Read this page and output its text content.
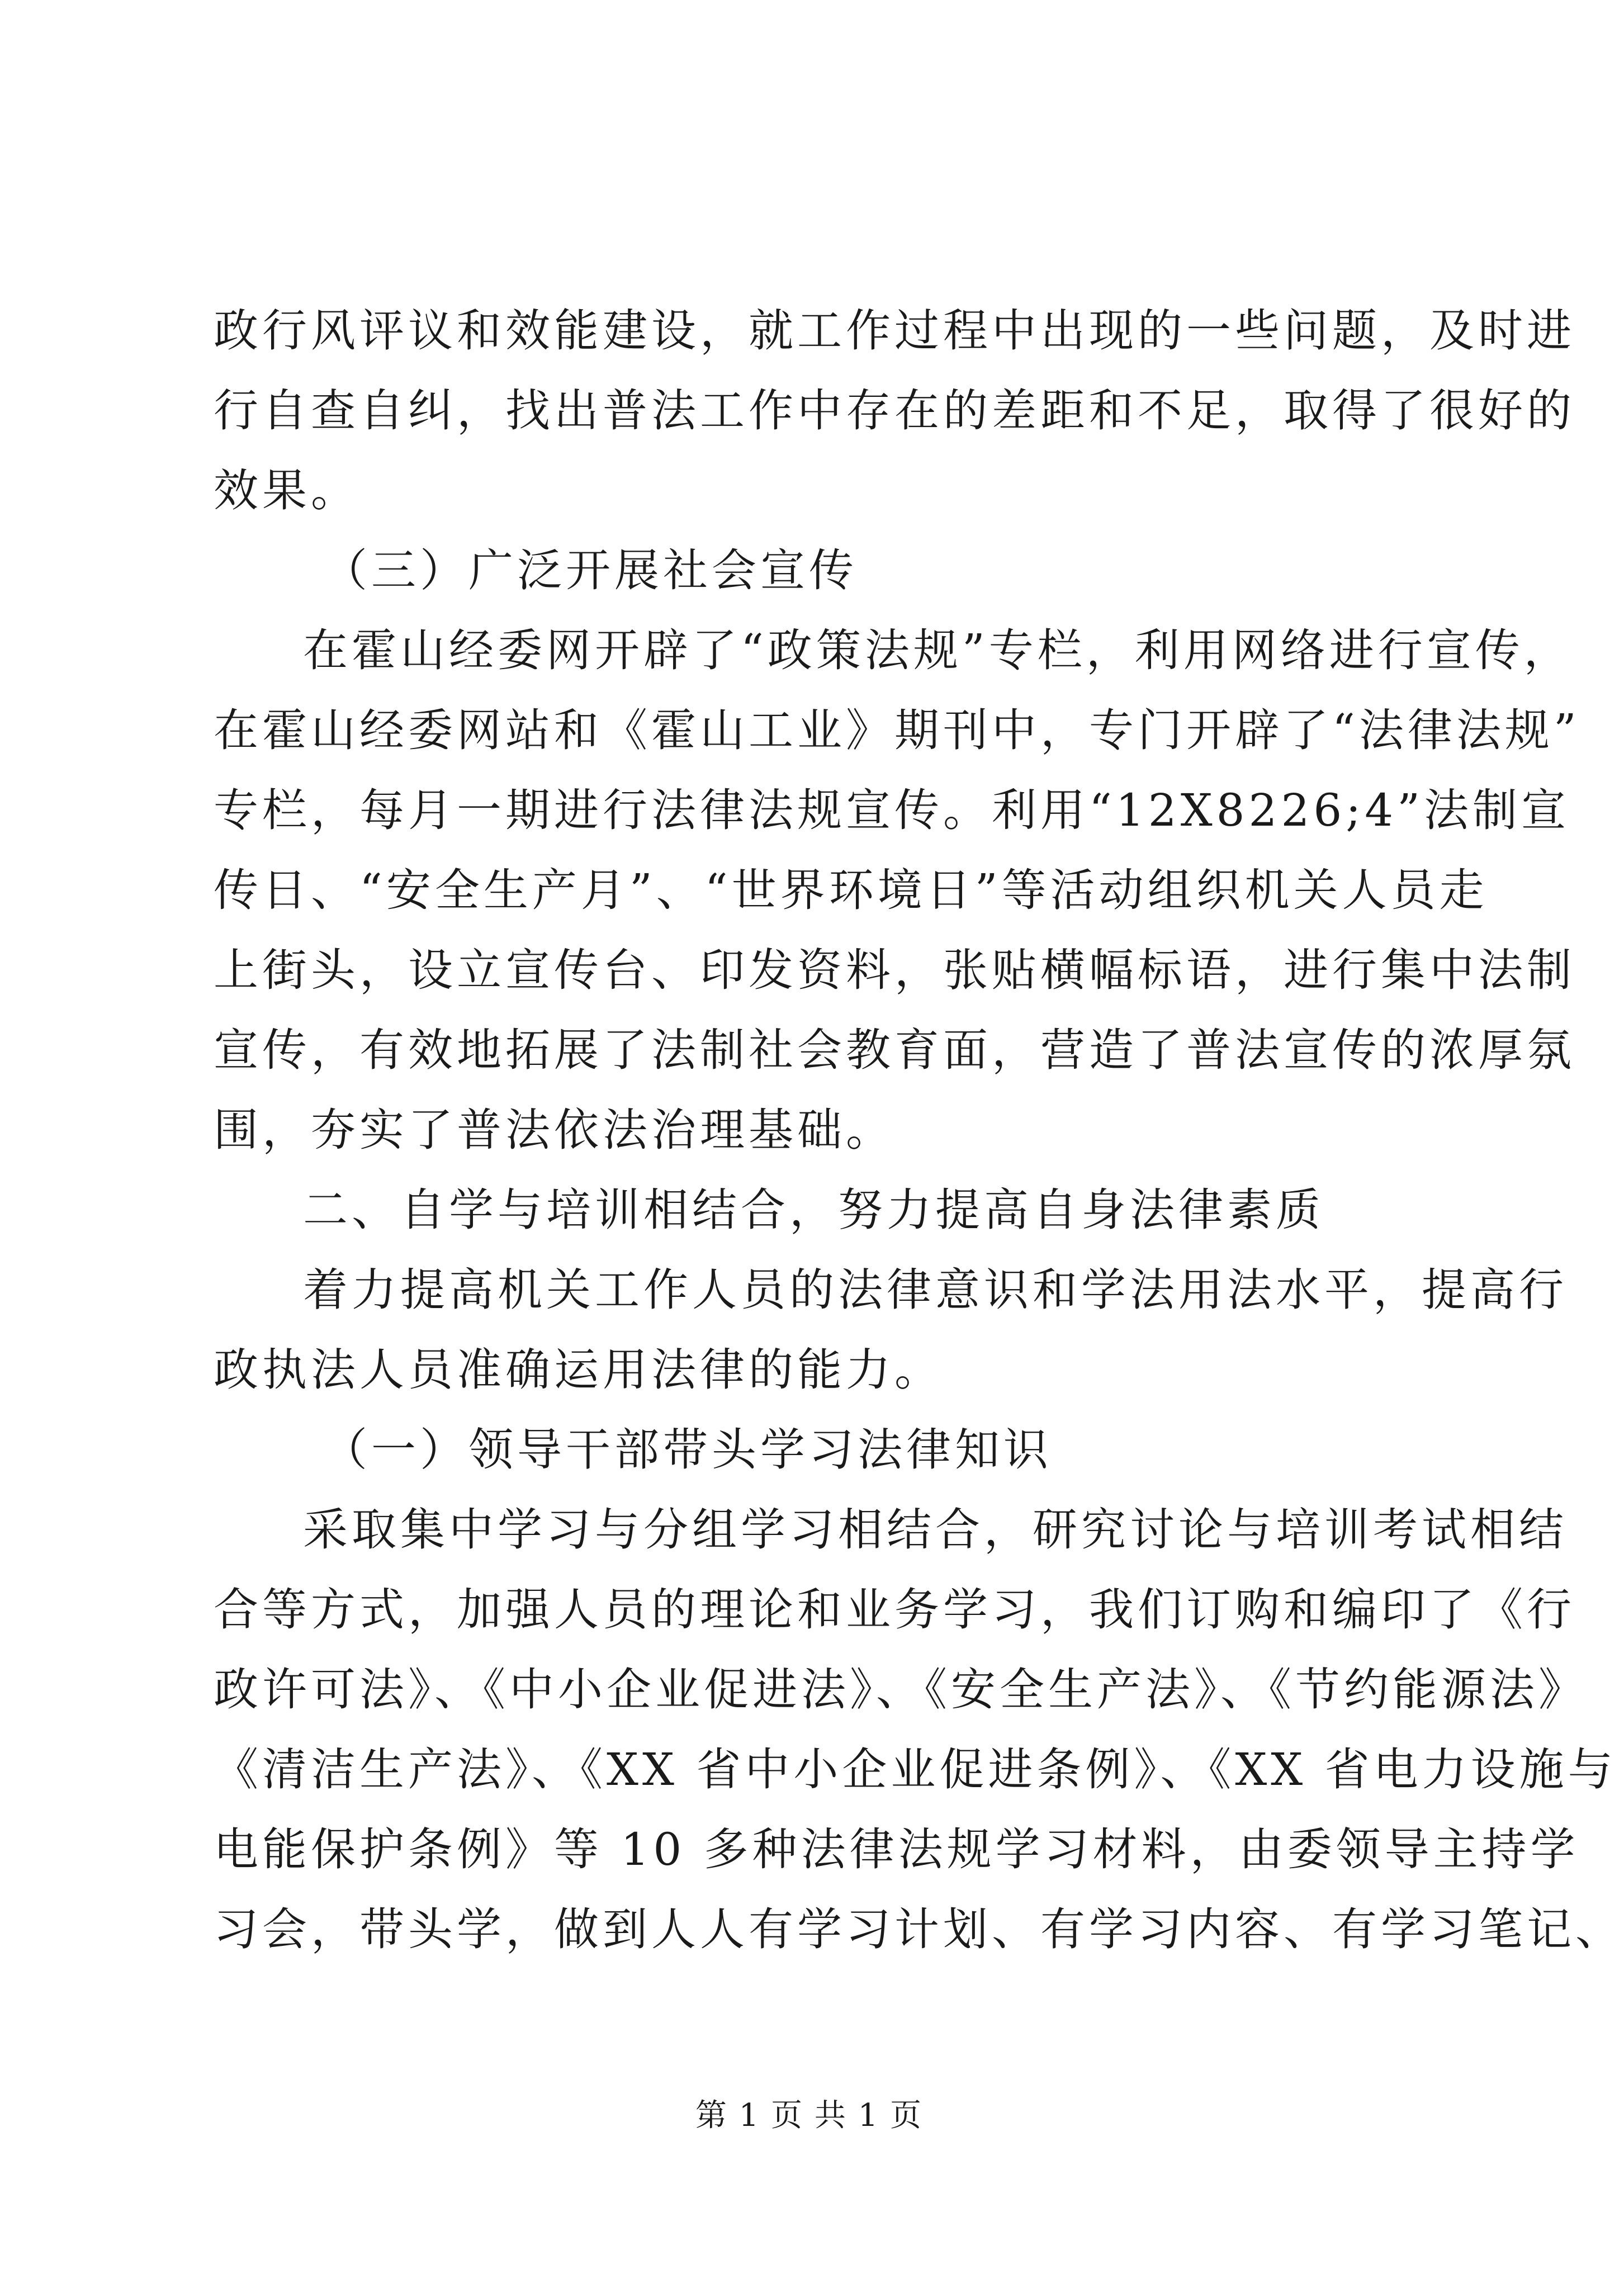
政行风评议和效能建设，就工作过程中出现的一些问题，及时进
行自查自纠，找出普法工作中存在的差距和不足，取得了很好的
效果。
（三）广泛开展社会宣传
在霍山经委网开辟了“政策法规”专栏，利用网络进行宣传，
在霍山经委网站和《霍山工业》期刊中，专门开辟了“法律法规”
专栏，每月一期进行法律法规宣传。利用“12X8226;4”法制宣
传日、“安全生产月”、“世界环境日”等活动组织机关人员走
上街头，设立宣传台、印发资料，张贴横幅标语，进行集中法制
宣传，有效地拓展了法制社会教育面，营造了普法宣传的浓厚氛
围，夯实了普法依法治理基础。
二、自学与培训相结合，努力提高自身法律素质
着力提高机关工作人员的法律意识和学法用法水平，提高行
政执法人员准确运用法律的能力。
（一）领导干部带头学习法律知识
采取集中学习与分组学习相结合，研究讨论与培训考试相结
合等方式，加强人员的理论和业务学习，我们订购和编印了《行
政许可法》、《中小企业促进法》、《安全生产法》、《节约能源法》
《清洁生产法》、《XX 省中小企业促进条例》、《XX 省电力设施与
电能保护条例》等 10 多种法律法规学习材料，由委领导主持学
习会，带头学，做到人人有学习计划、有学习内容、有学习笔记、
第 1 页 共 1 页
